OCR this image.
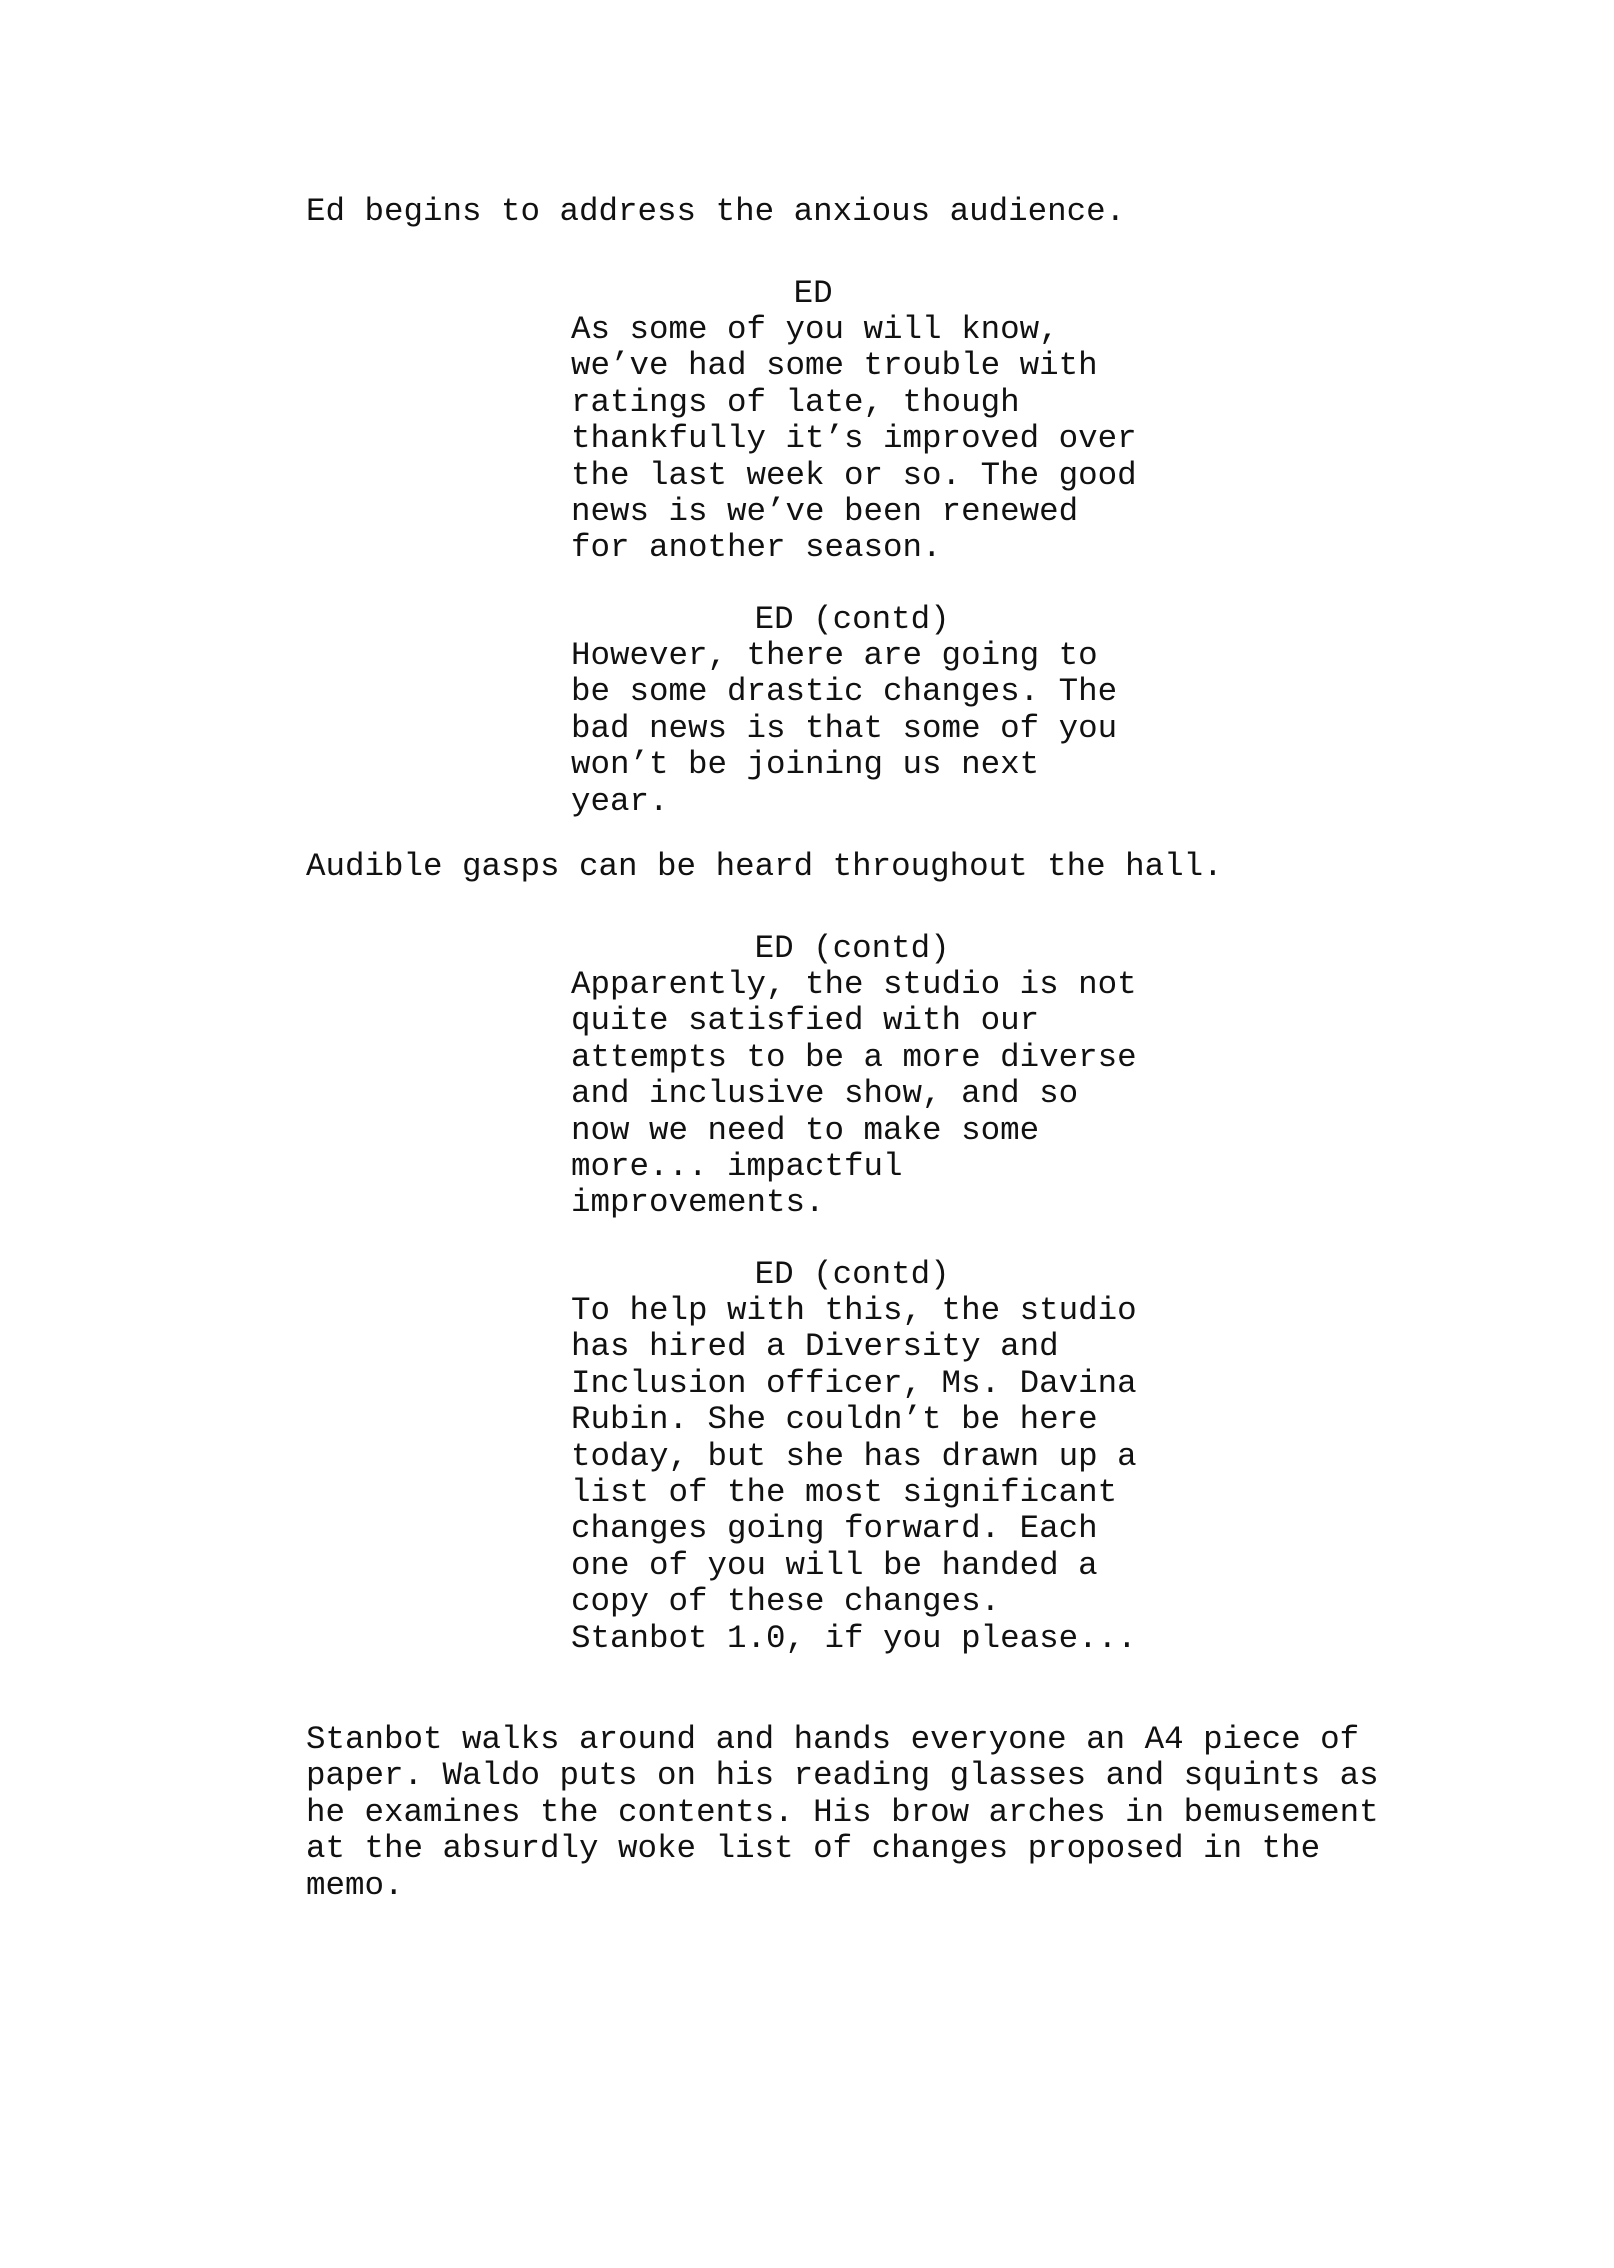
Ed begins to address the anxious audience.

ED

As some of you will know,
we’ve had some trouble with
ratings of late, though
thankfully it’s improved over
the last week or so. The good
news is we’ve been renewed
for another season.

ED (contd)

However, there are going to
be some drastic changes. The
bad news is that some of you
won’t be joining us next
year.

Audible gasps can be heard throughout the hall.

ED (contd)

Apparently, the studio is not
quite satisfied with our
attempts to be a more diverse
and inclusive show, and so
now we need to make some
more... impactful
improvements.

ED (contd)

To help with this, the studio
has hired a Diversity and
Inclusion officer, Ms. Davina
Rubin. She couldn’t be here
today, but she has drawn up a
list of the most significant
changes going forward. Each
one of you will be handed a
copy of these changes.
Stanbot 1.0, if you please...

Stanbot walks around and hands everyone an A4 piece of
paper. Waldo puts on his reading glasses and squints as
he examines the contents. His brow arches in bemusement
at the absurdly woke list of changes proposed in the
memo.
